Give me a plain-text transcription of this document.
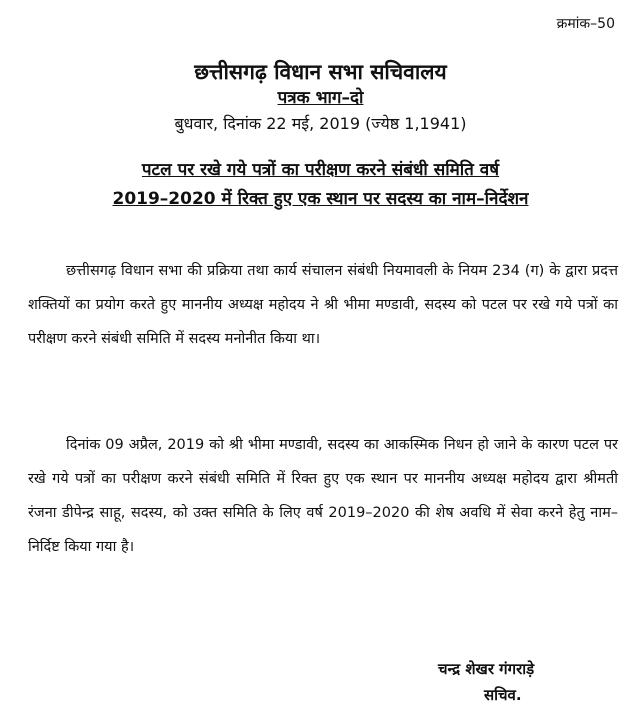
क्रमांक–50

छत्तीसगढ़ विधान सभा सचिवालय

पत्रक भाग–दो

बुधवार, दिनांक 22 मई, 2019 (ज्येष्ठ 1,1941)

पटल पर रखे गये पत्रों का परीक्षण करने संबंधी समिति वर्ष
2019–2020 में रिक्त हुए एक स्थान पर सदस्य का नाम–निर्देशन

छत्तीसगढ़ विधान सभा की प्रक्रिया तथा कार्य संचालन संबंधी नियमावली के नियम 234 (ग) के द्वारा प्रदत्त शक्तियों का प्रयोग करते हुए माननीय अध्यक्ष महोदय ने श्री भीमा मण्डावी, सदस्य को पटल पर रखे गये पत्रों का परीक्षण करने संबंधी समिति में सदस्य मनोनीत किया था।

दिनांक 09 अप्रैल, 2019 को श्री भीमा मण्डावी, सदस्य का आकस्मिक निधन हो जाने के कारण पटल पर रखे गये पत्रों का परीक्षण करने संबंधी समिति में रिक्त हुए एक स्थान पर माननीय अध्यक्ष महोदय द्वारा श्रीमती रंजना डीपेन्द्र साहू, सदस्य, को उक्त समिति के लिए वर्ष 2019–2020 की शेष अवधि में सेवा करने हेतु नाम–निर्दिष्ट किया गया है।

चन्द्र शेखर गंगराड़े
सचिव.
